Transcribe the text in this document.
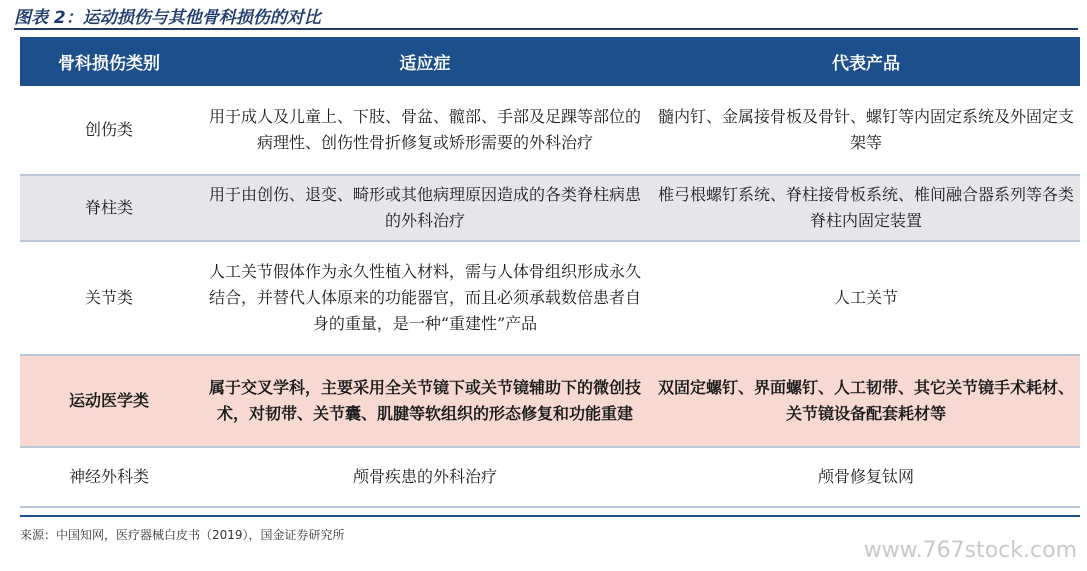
图表 2：运动损伤与其他骨科损伤的对比
骨科损伤类别	适应症	代表产品
创伤类	用于成人及儿童上、下肢、骨盆、髋部、手部及足踝等部位的病理性、创伤性骨折修复或矫形需要的外科治疗	髓内钉、金属接骨板及骨针、螺钉等内固定系统及外固定支架等
脊柱类	用于由创伤、退变、畸形或其他病理原因造成的各类脊柱病患的外科治疗	椎弓根螺钉系统、脊柱接骨板系统、椎间融合器系列等各类脊柱内固定装置
关节类	人工关节假体作为永久性植入材料，需与人体骨组织形成永久结合，并替代人体原来的功能器官，而且必须承载数倍患者自身的重量，是一种“重建性”产品	人工关节
运动医学类	属于交叉学科，主要采用全关节镜下或关节镜辅助下的微创技术，对韧带、关节囊、肌腱等软组织的形态修复和功能重建	双固定螺钉、界面螺钉、人工韧带、其它关节镜手术耗材、关节镜设备配套耗材等
神经外科类	颅骨疾患的外科治疗	颅骨修复钛网
来源：中国知网，医疗器械白皮书（2019），国金证券研究所
www.767stock.com
